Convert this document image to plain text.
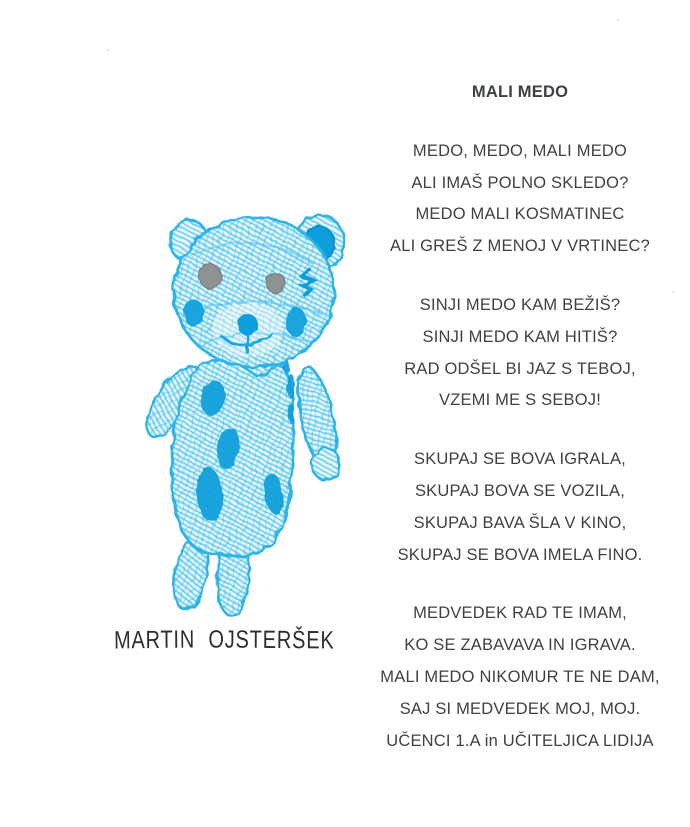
MARTIN OJSTERŠEK

MALI MEDO

MEDO, MEDO, MALI MEDO

ALI IMAŠ POLNO SKLEDO?

MEDO MALI KOSMATINEC

ALI GREŠ Z MENOJ V VRTINEC?

SINJI MEDO KAM BEŽIŠ?

SINJI MEDO KAM HITIŠ?

RAD ODŠEL BI JAZ S TEBOJ,

VZEMI ME S SEBOJ!

SKUPAJ SE BOVA IGRALA,

SKUPAJ BOVA SE VOZILA,

SKUPAJ BAVA ŠLA V KINO,

SKUPAJ SE BOVA IMELA FINO.

MEDVEDEK RAD TE IMAM,

KO SE ZABAVAVA IN IGRAVA.

MALI MEDO NIKOMUR TE NE DAM,

SAJ SI MEDVEDEK MOJ, MOJ.

UČENCI 1.A in UČITELJICA LIDIJA
